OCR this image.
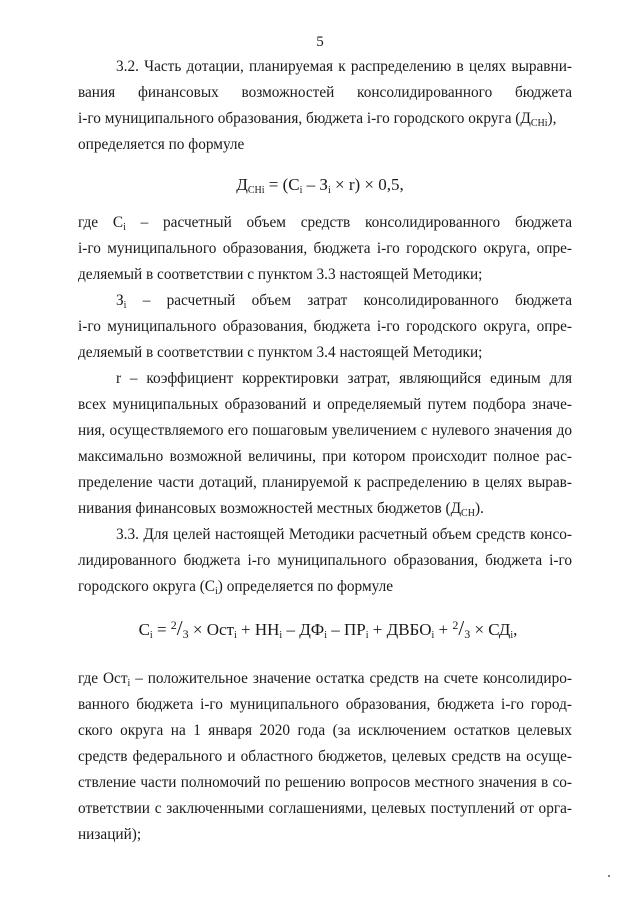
5
3.2. Часть дотации, планируемая к распределению в целях выравни-
вания финансовых возможностей консолидированного бюджета
i-го муниципального образования, бюджета i-го городского округа $(Д_{СНi})$,
определяется по формуле
$Д_{СНi} = (С_i - З_i \times r) \times 0,5$,
где $С_i$ – расчетный объем средств консолидированного бюджета
i-го муниципального образования, бюджета i-го городского округа, опре-
деляемый в соответствии с пунктом 3.3 настоящей Методики;
$З_i$ – расчетный объем затрат консолидированного бюджета
i-го муниципального образования, бюджета i-го городского округа, опре-
деляемый в соответствии с пунктом 3.4 настоящей Методики;
r – коэффициент корректировки затрат, являющийся единым для
всех муниципальных образований и определяемый путем подбора значе-
ния, осуществляемого его пошаговым увеличением с нулевого значения до
максимально возможной величины, при котором происходит полное рас-
пределение части дотаций, планируемой к распределению в целях вырав-
нивания финансовых возможностей местных бюджетов $(Д_{СН})$.
3.3. Для целей настоящей Методики расчетный объем средств консо-
лидированного бюджета i-го муниципального образования, бюджета i-го
городского округа $(С_i)$ определяется по формуле
$С_i = ^2/3 \times Ост_i + НН_i - ДФ_i - ПР_i$ + $ДВБО_i + ^2/3 \times СД_i$,
где Ост$_i$ – положительное значение остатка средств на счете консолидиро-
ванного бюджета i-го муниципального образования, бюджета i-го город-
ского округа на 1 января 2020 года (за исключением остатков целевых
средств федерального и областного бюджетов, целевых средств на осуще-
ствление части полномочий по решению вопросов местного значения в со-
ответствии с заключенными соглашениями, целевых поступлений от орга-
низаций);
